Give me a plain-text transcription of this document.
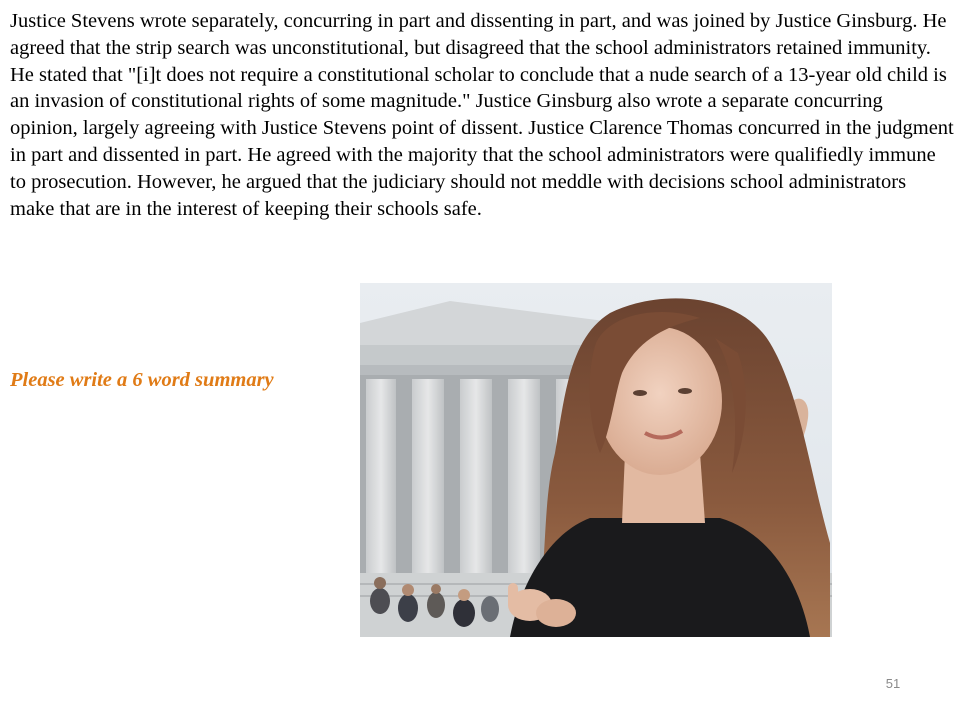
Justice Stevens wrote separately, concurring in part and dissenting in part, and was joined by Justice Ginsburg. He agreed that the strip search was unconstitutional, but disagreed that the school administrators retained immunity. He stated that "[i]t does not require a constitutional scholar to conclude that a nude search of a 13-year old child is an invasion of constitutional rights of some magnitude." Justice Ginsburg also wrote a separate concurring opinion, largely agreeing with Justice Stevens point of dissent. Justice Clarence Thomas concurred in the judgment in part and dissented in part. He agreed with the majority that the school administrators were qualifiedly immune to prosecution. However, he argued that the judiciary should not meddle with decisions school administrators make that are in the interest of keeping their schools safe.

Please write a 6 word summary

51
